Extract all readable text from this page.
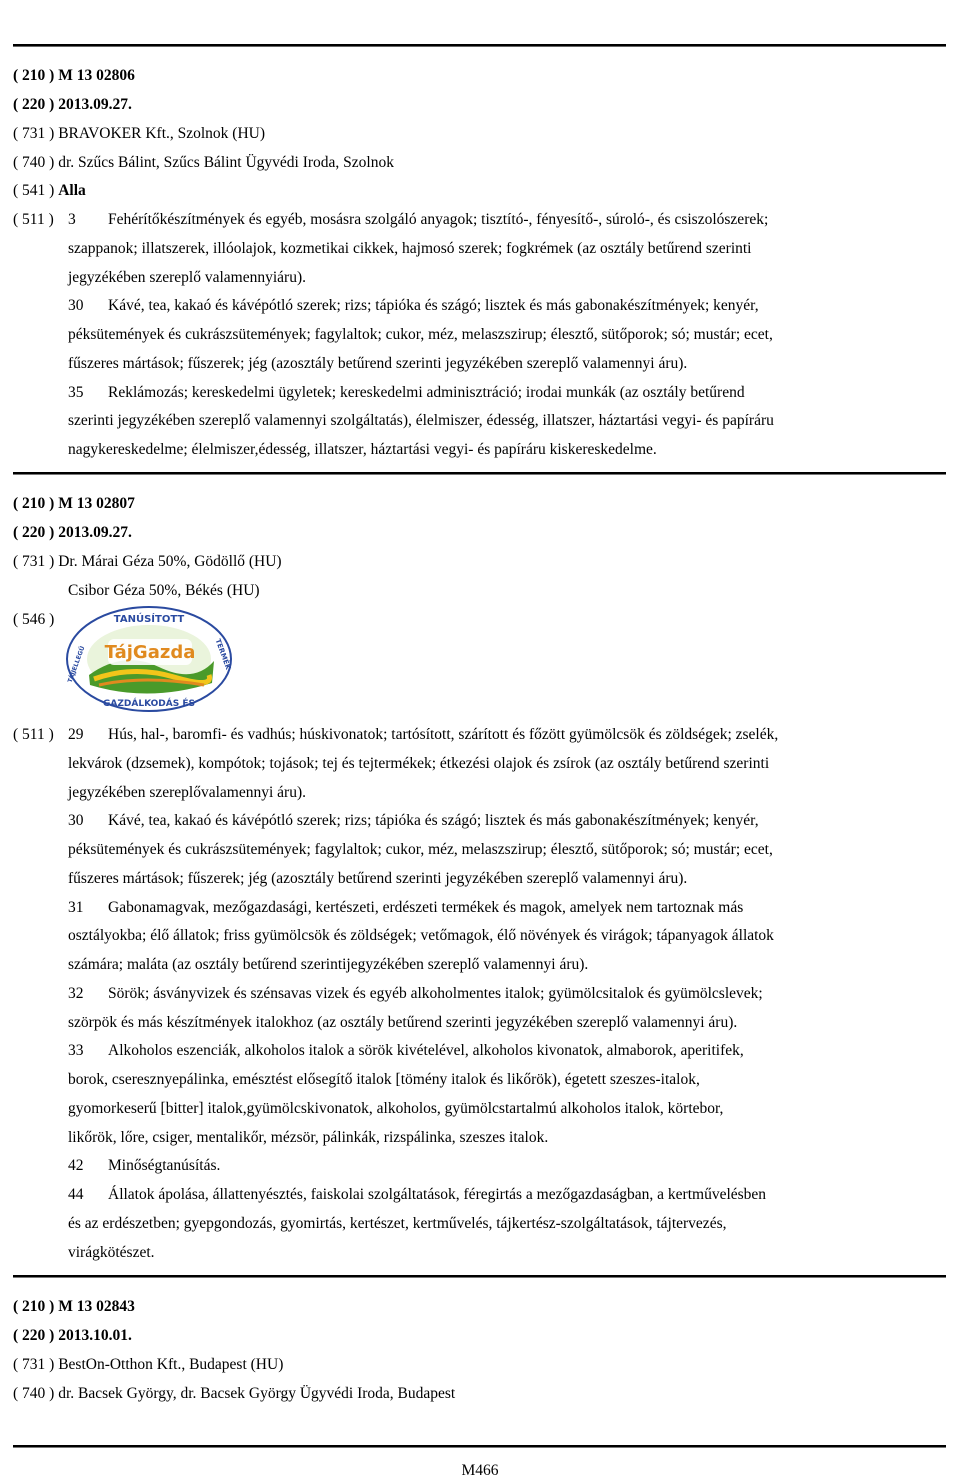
Szabadalmi Közlöny és Védjegyértesítő 119. évfolyam 6. szám, 2014.03.28.
Nemzeti védjegybejelentések meghirdetése
( 210 ) M 13 02806
( 220 ) 2013.09.27.
( 731 ) BRAVOKER Kft., Szolnok (HU)
( 740 ) dr. Szűcs Bálint, Szűcs Bálint Ügyvédi Iroda, Szolnok
( 541 ) Alla
( 511 ) 3 Fehérítőkészítmények és egyéb, mosásra szolgáló anyagok; tisztító-, fényesítő-, súroló-, és csiszolószerek;
szappanok; illatszerek, illóolajok, kozmetikai cikkek, hajmosó szerek; fogkrémek (az osztály betűrend szerinti
jegyzékében szereplő valamennyiáru).
30 Kávé, tea, kakaó és kávépótló szerek; rizs; tápióka és szágó; lisztek és más gabonakészítmények; kenyér,
péksütemények és cukrászsütemények; fagylaltok; cukor, méz, melaszszirup; élesztő, sütőporok; só; mustár; ecet,
fűszeres mártások; fűszerek; jég (azosztály betűrend szerinti jegyzékében szereplő valamennyi áru).
35 Reklámozás; kereskedelmi ügyletek; kereskedelmi adminisztráció; irodai munkák (az osztály betűrend
szerinti jegyzékében szereplő valamennyi szolgáltatás), élelmiszer, édesség, illatszer, háztartási vegyi- és papíráru
nagykereskedelme; élelmiszer,édesség, illatszer, háztartási vegyi- és papíráru kiskereskedelme.
( 210 ) M 13 02807
( 220 ) 2013.09.27.
( 731 ) Dr. Márai Géza 50%, Gödöllő (HU)
Csibor Géza 50%, Békés (HU)
( 546 )
TájGazda
TANÚSÍTOTT
GAZDÁLKODÁS ÉS
TÁJJELLEGŰ	TERMÉK
( 511 ) 29 Hús, hal-, baromfi- és vadhús; húskivonatok; tartósított, szárított és főzött gyümölcsök és zöldségek; zselék,
lekvárok (dzsemek), kompótok; tojások; tej és tejtermékek; étkezési olajok és zsírok (az osztály betűrend szerinti
jegyzékében szereplővalamennyi áru).
30 Kávé, tea, kakaó és kávépótló szerek; rizs; tápióka és szágó; lisztek és más gabonakészítmények; kenyér,
péksütemények és cukrászsütemények; fagylaltok; cukor, méz, melaszszirup; élesztő, sütőporok; só; mustár; ecet,
fűszeres mártások; fűszerek; jég (azosztály betűrend szerinti jegyzékében szereplő valamennyi áru).
31 Gabonamagvak, mezőgazdasági, kertészeti, erdészeti termékek és magok, amelyek nem tartoznak más
osztályokba; élő állatok; friss gyümölcsök és zöldségek; vetőmagok, élő növények és virágok; tápanyagok állatok
számára; maláta (az osztály betűrend szerintijegyzékében szereplő valamennyi áru).
32 Sörök; ásványvizek és szénsavas vizek és egyéb alkoholmentes italok; gyümölcsitalok és gyümölcslevek;
szörpök és más készítmények italokhoz (az osztály betűrend szerinti jegyzékében szereplő valamennyi áru).
33 Alkoholos eszenciák, alkoholos italok a sörök kivételével, alkoholos kivonatok, almaborok, aperitifek,
borok, cseresznyepálinka, emésztést elősegítő italok [tömény italok és likőrök), égetett szeszes-italok,
gyomorkeserű [bitter] italok,gyümölcskivonatok, alkoholos, gyümölcstartalmú alkoholos italok, körtebor,
likőrök, lőre, csiger, mentalikőr, mézsör, pálinkák, rizspálinka, szeszes italok.
42 Minőségtanúsítás.
44 Állatok ápolása, állattenyésztés, faiskolai szolgáltatások, féregirtás a mezőgazdaságban, a kertművelésben
és az erdészetben; gyepgondozás, gyomirtás, kertészet, kertművelés, tájkertész-szolgáltatások, tájtervezés,
virágkötészet.
( 210 ) M 13 02843
( 220 ) 2013.10.01.
( 731 ) BestOn-Otthon Kft., Budapest (HU)
( 740 ) dr. Bacsek György, dr. Bacsek György Ügyvédi Iroda, Budapest
M466
